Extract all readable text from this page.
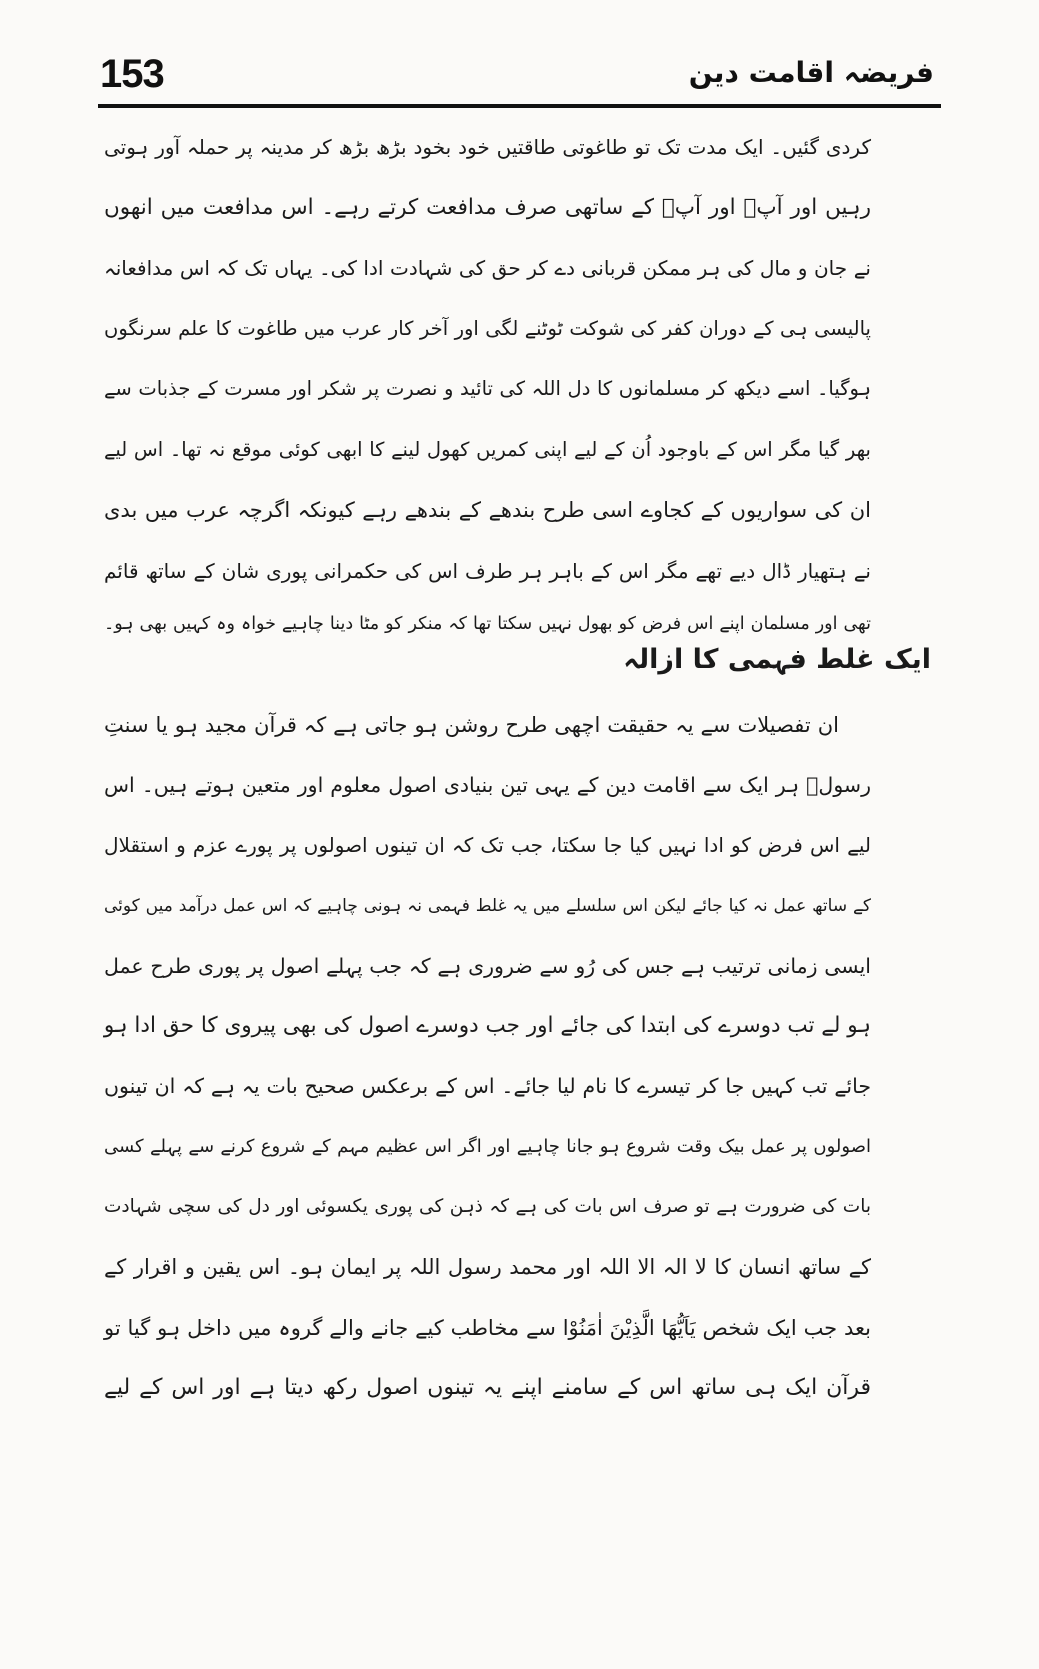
153	فریضہ اقامت دین
کردی گئیں۔ ایک مدت تک تو طاغوتی طاقتیں خود بخود بڑھ بڑھ کر مدینہ پر حملہ آور ہوتی
رہیں اور آپؐ اور آپؐ کے ساتھی صرف مدافعت کرتے رہے۔ اس مدافعت میں انھوں
نے جان و مال کی ہر ممکن قربانی دے کر حق کی شہادت ادا کی۔ یہاں تک کہ اس مدافعانہ
پالیسی ہی کے دوران کفر کی شوکت ٹوٹنے لگی اور آخر کار عرب میں طاغوت کا علم سرنگوں
ہوگیا۔ اسے دیکھ کر مسلمانوں کا دل اللہ کی تائید و نصرت پر شکر اور مسرت کے جذبات سے
بھر گیا مگر اس کے باوجود اُن کے لیے اپنی کمریں کھول لینے کا ابھی کوئی موقع نہ تھا۔ اس لیے
ان کی سواریوں کے کجاوے اسی طرح بندھے کے بندھے رہے کیونکہ اگرچہ عرب میں بدی
نے ہتھیار ڈال دیے تھے مگر اس کے باہر ہر طرف اس کی حکمرانی پوری شان کے ساتھ قائم
تھی اور مسلمان اپنے اس فرض کو بھول نہیں سکتا تھا کہ منکر کو مٹا دینا چاہیے خواہ وہ کہیں بھی ہو۔
ایک غلط فہمی کا ازالہ
ان تفصیلات سے یہ حقیقت اچھی طرح روشن ہو جاتی ہے کہ قرآن مجید ہو یا سنتِ
رسولؐ ہر ایک سے اقامت دین کے یہی تین بنیادی اصول معلوم اور متعین ہوتے ہیں۔ اس
لیے اس فرض کو ادا نہیں کیا جا سکتا، جب تک کہ ان تینوں اصولوں پر پورے عزم و استقلال
کے ساتھ عمل نہ کیا جائے لیکن اس سلسلے میں یہ غلط فہمی نہ ہونی چاہیے کہ اس عمل درآمد میں کوئی
ایسی زمانی ترتیب ہے جس کی رُو سے ضروری ہے کہ جب پہلے اصول پر پوری طرح عمل
ہو لے تب دوسرے کی ابتدا کی جائے اور جب دوسرے اصول کی بھی پیروی کا حق ادا ہو
جائے تب کہیں جا کر تیسرے کا نام لیا جائے۔ اس کے برعکس صحیح بات یہ ہے کہ ان تینوں
اصولوں پر عمل بیک وقت شروع ہو جانا چاہیے اور اگر اس عظیم مہم کے شروع کرنے سے پہلے کسی
بات کی ضرورت ہے تو صرف اس بات کی ہے کہ ذہن کی پوری یکسوئی اور دل کی سچی شہادت
کے ساتھ انسان کا لا الہ الا اللہ اور محمد رسول اللہ پر ایمان ہو۔ اس یقین و اقرار کے
بعد جب ایک شخص یَاَیُّھَا الَّذِیْنَ اٰمَنُوْا سے مخاطب کیے جانے والے گروہ میں داخل ہو گیا تو
قرآن ایک ہی ساتھ اس کے سامنے اپنے یہ تینوں اصول رکھ دیتا ہے اور اس کے لیے
